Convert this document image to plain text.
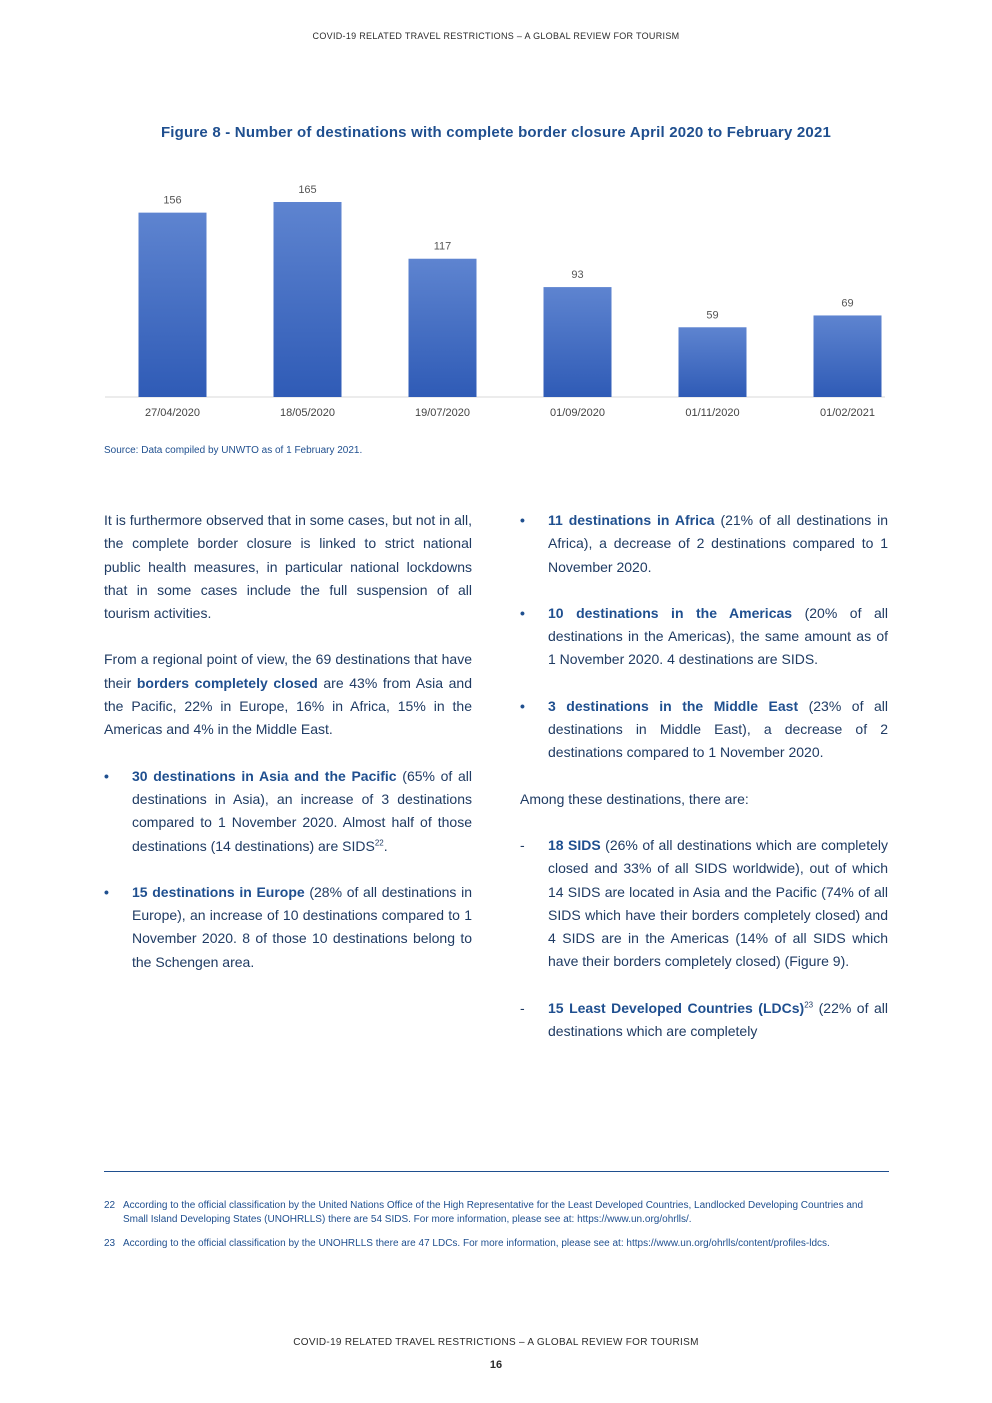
COVID-19 RELATED TRAVEL RESTRICTIONS – A GLOBAL REVIEW FOR TOURISM
Figure 8 - Number of destinations with complete border closure April 2020 to February 2021
156
27/04/2020
165
18/05/2020
117
19/07/2020
93
01/09/2020
59
01/11/2020
69
01/02/2021
Source: Data compiled by UNWTO as of 1 February 2021.

It is furthermore observed that in some cases, but not in all, the complete border closure is linked to strict national public health measures, in particular national lockdowns that in some cases include the full suspension of all tourism activities.

From a regional point of view, the 69 destinations that have their borders completely closed are 43% from Asia and the Pacific, 22% in Europe, 16% in Africa, 15% in the Americas and 4% in the Middle East.

• 30 destinations in Asia and the Pacific (65% of all destinations in Asia), an increase of 3 destinations compared to 1 November 2020. Almost half of those destinations (14 destinations) are SIDS$^{22}$.
• 15 destinations in Europe (28% of all destinations in Europe), an increase of 10 destinations compared to 1 November 2020. 8 of those 10 destinations belong to the Schengen area.
• 11 destinations in Africa (21% of all destinations in Africa), a decrease of 2 destinations compared to 1 November 2020.
• 10 destinations in the Americas (20% of all destinations in the Americas), the same amount as of 1 November 2020. 4 destinations are SIDS.
• 3 destinations in the Middle East (23% of all destinations in Middle East), a decrease of 2 destinations compared to 1 November 2020.

Among these destinations, there are:

- 18 SIDS (26% of all destinations which are completely closed and 33% of all SIDS worldwide), out of which 14 SIDS are located in Asia and the Pacific (74% of all SIDS which have their borders completely closed) and 4 SIDS are in the Americas (14% of all SIDS which have their borders completely closed) (Figure 9).
- 15 Least Developed Countries (LDCs)$^{23}$ (22% of all destinations which are completely
22 According to the official classification by the United Nations Office of the High Representative for the Least Developed Countries, Landlocked Developing Countries and Small Island Developing States (UNOHRLLS) there are 54 SIDS. For more information, please see at: https://www.un.org/ohrlls/.
23 According to the official classification by the UNOHRLLS there are 47 LDCs. For more information, please see at: https://www.un.org/ohrlls/content/profiles-ldcs.
COVID-19 RELATED TRAVEL RESTRICTIONS – A GLOBAL REVIEW FOR TOURISM
16
